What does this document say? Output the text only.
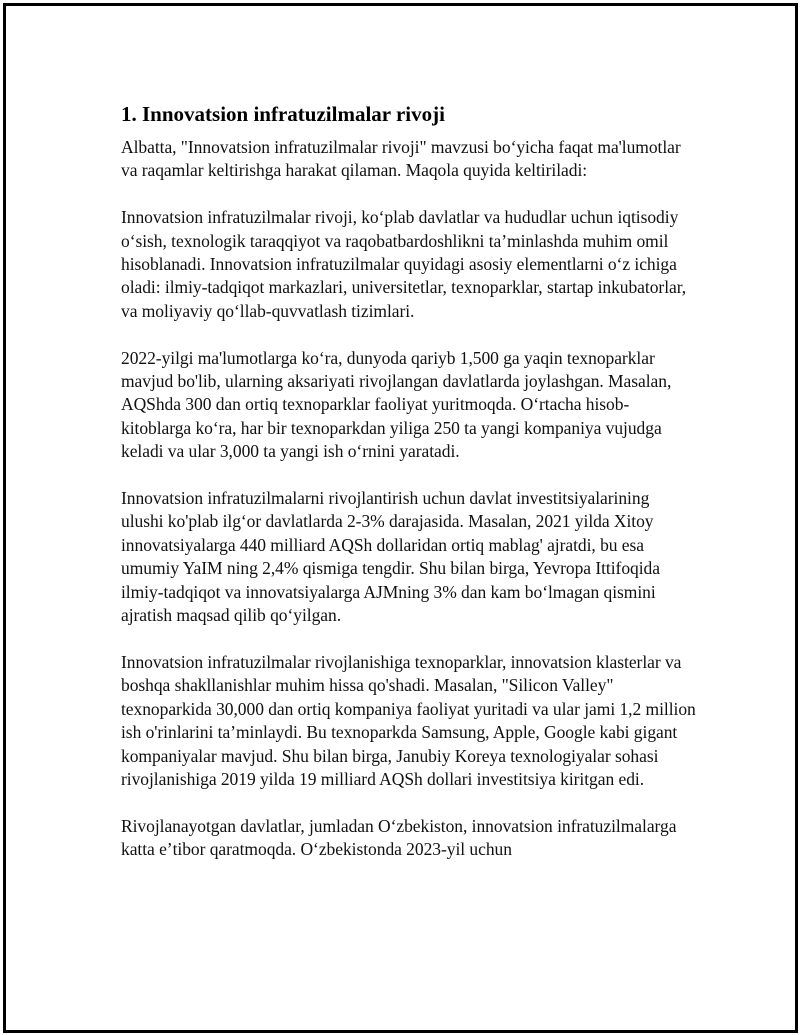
1. Innovatsion infratuzilmalar rivoji

Albatta, "Innovatsion infratuzilmalar rivoji" mavzusi boʻyicha faqat ma'lumotlar va raqamlar keltirishga harakat qilaman. Maqola quyida keltiriladi:

Innovatsion infratuzilmalar rivoji, koʻplab davlatlar va hududlar uchun iqtisodiy oʻsish, texnologik taraqqiyot va raqobatbardoshlikni taʼminlashda muhim omil hisoblanadi. Innovatsion infratuzilmalar quyidagi asosiy elementlarni oʻz ichiga oladi: ilmiy-tadqiqot markazlari, universitetlar, texnoparklar, startap inkubatorlar, va moliyaviy qoʻllab-quvvatlash tizimlari.

2022-yilgi ma'lumotlarga koʻra, dunyoda qariyb 1,500 ga yaqin texnoparklar mavjud bo'lib, ularning aksariyati rivojlangan davlatlarda joylashgan. Masalan, AQShda 300 dan ortiq texnoparklar faoliyat yuritmoqda. Oʻrtacha hisob-kitoblarga koʻra, har bir texnoparkdan yiliga 250 ta yangi kompaniya vujudga keladi va ular 3,000 ta yangi ish oʻrnini yaratadi.

Innovatsion infratuzilmalarni rivojlantirish uchun davlat investitsiyalarining ulushi ko'plab ilgʻor davlatlarda 2-3% darajasida. Masalan, 2021 yilda Xitoy innovatsiyalarga 440 milliard AQSh dollaridan ortiq mablag' ajratdi, bu esa umumiy YaIM ning 2,4% qismiga tengdir. Shu bilan birga, Yevropa Ittifoqida ilmiy-tadqiqot va innovatsiyalarga AJMning 3% dan kam boʻlmagan qismini ajratish maqsad qilib qoʻyilgan.

Innovatsion infratuzilmalar rivojlanishiga texnoparklar, innovatsion klasterlar va boshqa shakllanishlar muhim hissa qo'shadi. Masalan, "Silicon Valley" texnoparkida 30,000 dan ortiq kompaniya faoliyat yuritadi va ular jami 1,2 million ish o'rinlarini ta’minlaydi. Bu texnoparkda Samsung, Apple, Google kabi gigant kompaniyalar mavjud. Shu bilan birga, Janubiy Koreya texnologiyalar sohasi rivojlanishiga 2019 yilda 19 milliard AQSh dollari investitsiya kiritgan edi.

Rivojlanayotgan davlatlar, jumladan Oʻzbekiston, innovatsion infratuzilmalarga katta eʼtibor qaratmoqda. Oʻzbekistonda 2023-yil uchun
